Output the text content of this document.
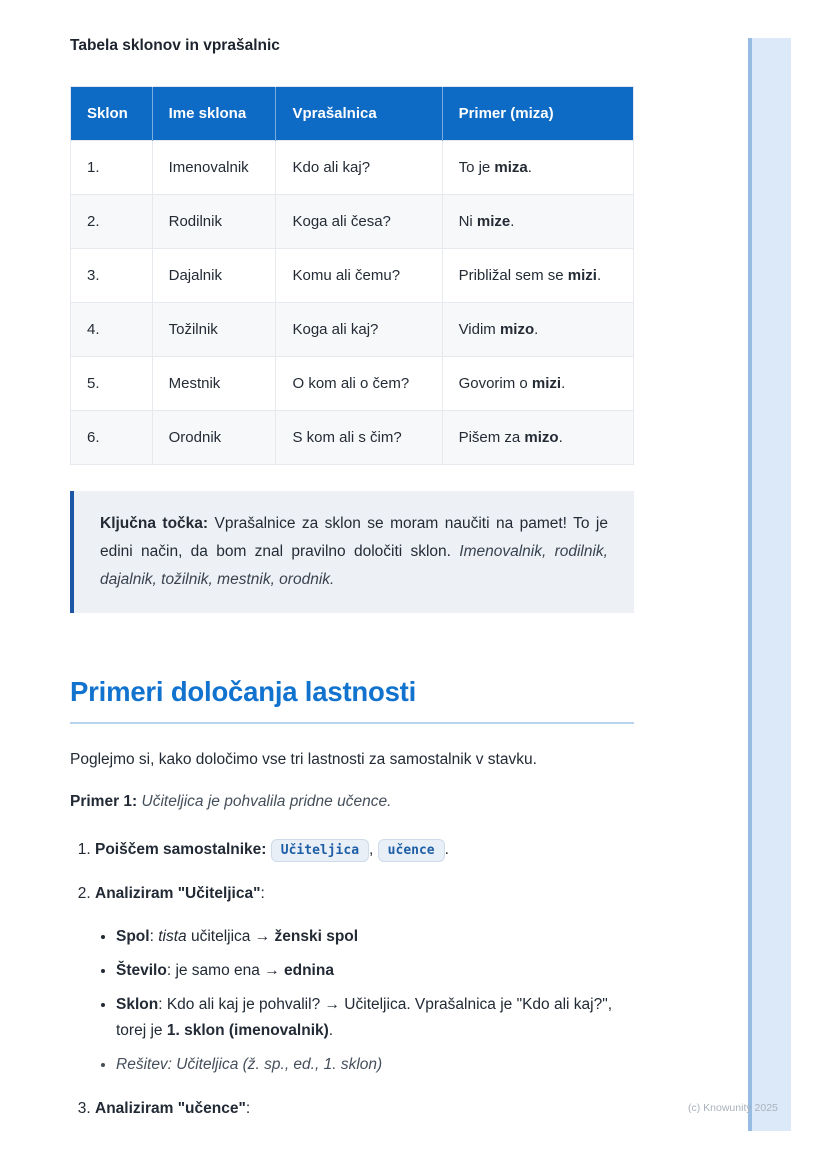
(c) Knowunity 2025
Tabela sklonov in vprašalnic
Sklon	Ime sklona	Vprašalnica	Primer (miza)
1.	Imenovalnik	Kdo ali kaj?	To je miza.
2.	Rodilnik	Koga ali česa?	Ni mize.
3.	Dajalnik	Komu ali čemu?	Približal sem se mizi.
4.	Tožilnik	Koga ali kaj?	Vidim mizo.
5.	Mestnik	O kom ali o čem?	Govorim o mizi.
6.	Orodnik	S kom ali s čim?	Pišem za mizo.
Ključna točka: Vprašalnice za sklon se moram naučiti na pamet! To je edini način, da bom znal pravilno določiti sklon. Imenovalnik, rodilnik, dajalnik, tožilnik, mestnik, orodnik.
Primeri določanja lastnosti

Poglejmo si, kako določimo vse tri lastnosti za samostalnik v stavku.

Primer 1: Učiteljica je pohvalila pridne učence.

1. Poiščem samostalnike: Učiteljica , učence .
2. Analiziram "Učiteljica":
• Spol: tista učiteljica → ženski spol
• Število: je samo ena → ednina
• Sklon: Kdo ali kaj je pohvalil? → Učiteljica. Vprašalnica je "Kdo ali kaj?", torej je 1. sklon (imenovalnik).
• Rešitev: Učiteljica (ž. sp., ed., 1. sklon)
3. Analiziram "učence":
